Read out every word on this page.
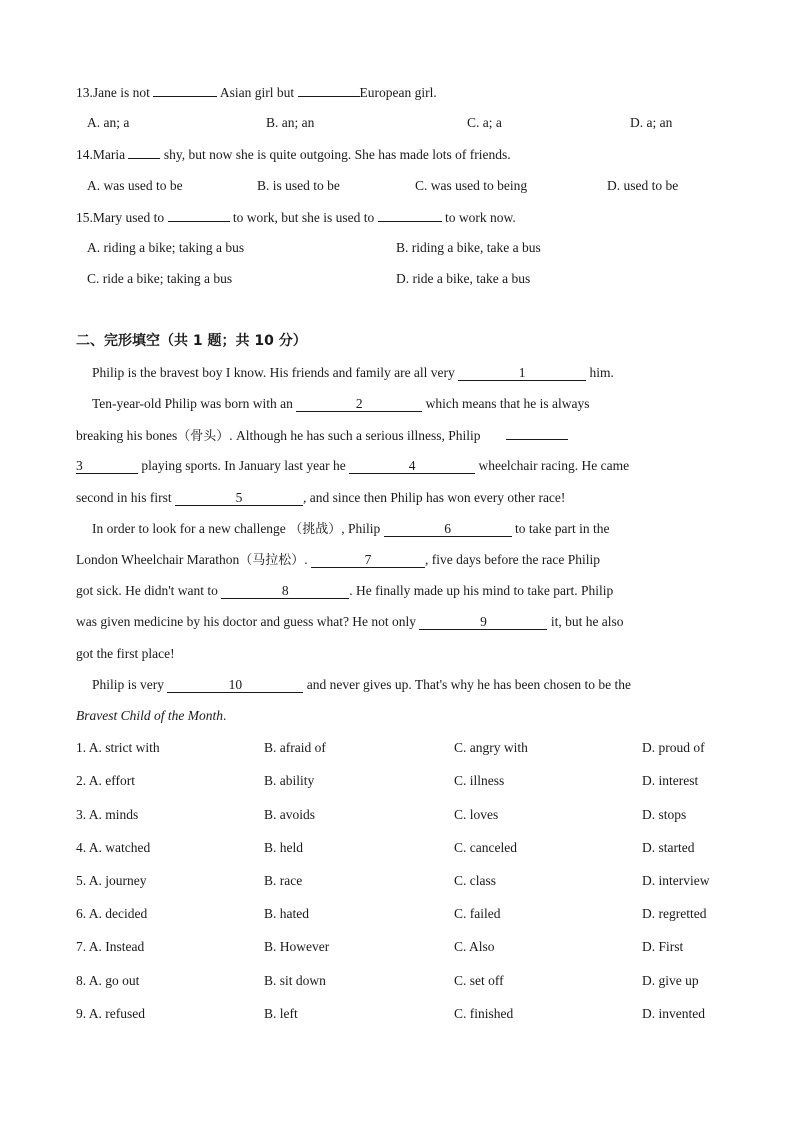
13.Jane is not	Asian girl but	European girl.
A. an; a	B. an; an	C. a; a	D. a; an
14.Maria  shy, but now she is quite outgoing. She has made lots of friends.
A. was used to be	B. is used to be	C. was used to being	D. used to be
15.Mary used to	to work, but she is used to	to work now.
A. riding a bike; taking a bus	B. riding a bike, take a bus
C. ride a bike; taking a bus	D. ride a bike, take a bus
二、完形填空（共 1 题；共 10 分）
Philip is the bravest boy I know. His friends and family are all very	1	him.
Ten-year-old Philip was born with an	2	which means that he is always
breaking his bones（骨头）. Although he has such a serious illness, Philip
3	playing sports. In January last year he	4	wheelchair racing. He came
second in his first	5	, and since then Philip has won every other race!
In order to look for a new challenge （挑战）, Philip	6	to take part in the
London Wheelchair Marathon（马拉松）.	7	, five days before the race Philip
got sick. He didn't want to	8	. He finally made up his mind to take part. Philip
was given medicine by his doctor and guess what? He not only	9	it, but he also
got the first place!
Philip is very	10	and never gives up. That's why he has been chosen to be the
Bravest Child of the Month.
1. A. strict with	B. afraid of	C. angry with	D. proud of
2. A. effort	B. ability	C. illness	D. interest
3. A. minds	B. avoids	C. loves	D. stops
4. A. watched	B. held	C. canceled	D. started
5. A. journey	B. race	C. class	D. interview
6. A. decided	B. hated	C. failed	D. regretted
7. A. Instead	B. However	C. Also	D. First
8. A. go out	B. sit down	C. set off	D. give up
9. A. refused	B. left	C. finished	D. invented
